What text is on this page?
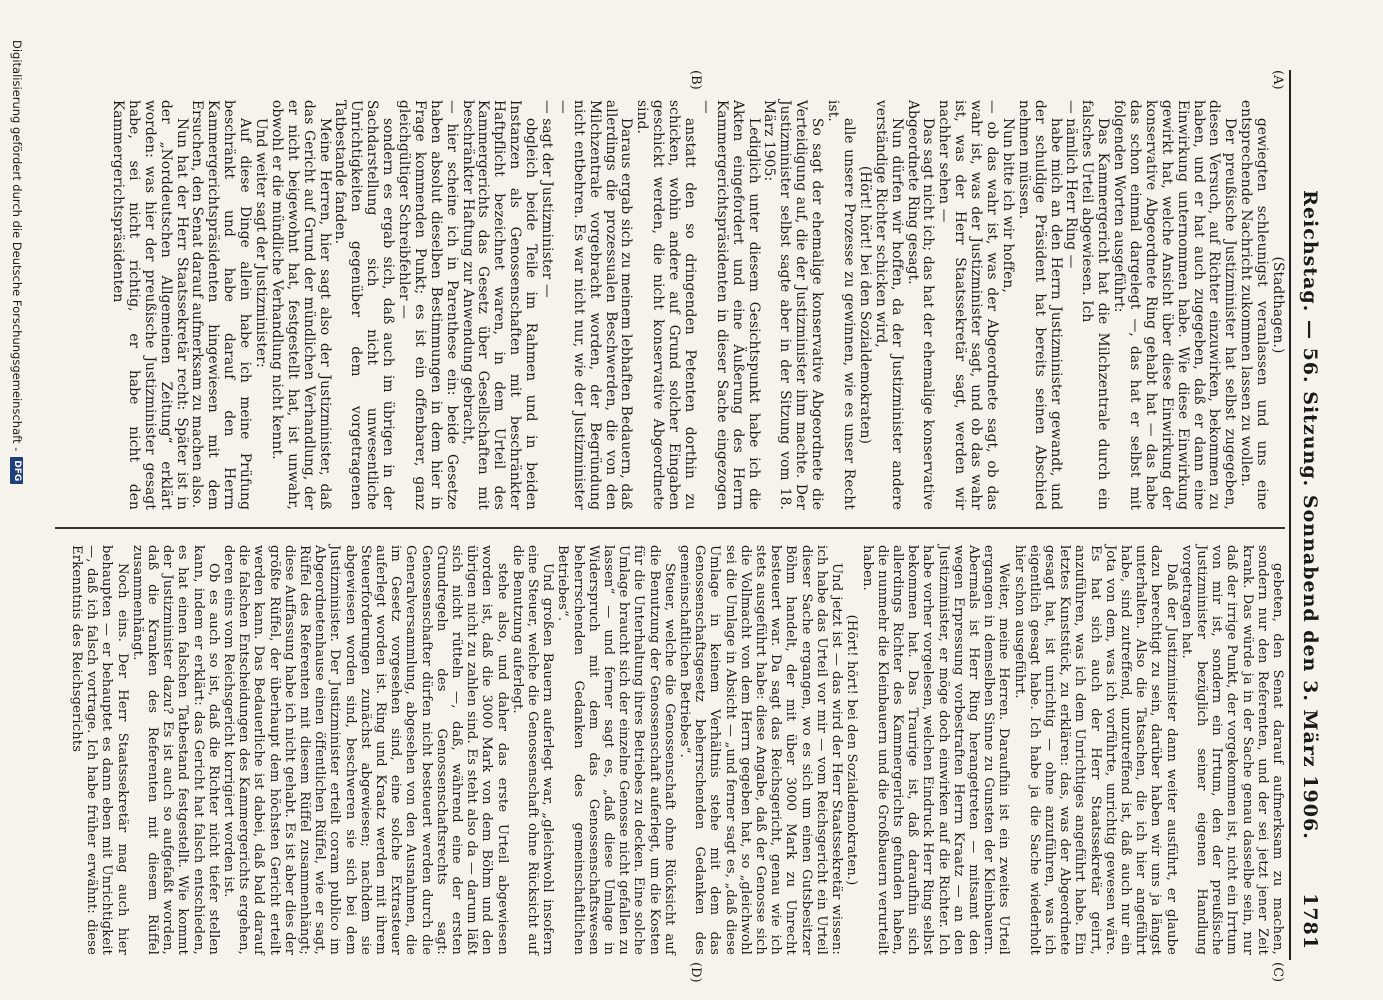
Reichstag. — 56. Sitzung. Sonnabend den 3. März 1906.
1781
(A)
(B)
(C)
(D)

(Stadthagen.)

gewiegten schleunigst veranlassen und uns eine entsprechende Nachricht zukommen lassen zu wollen.

Der preußische Justizminister hat selbst zugegeben, diesen Versuch, auf Richter einzuwirken, bekommen zu haben, und er hat auch zugegeben, daß er dann eine Einwirkung unternommen habe. Wie diese Einwirkung gewirkt hat, welche Ansicht über diese Einwirkung der konservative Abgeordnete Ring gehabt hat — das habe das schon einmal dargelegt —, das hat er selbst mit folgenden Worten ausgeführt:

Das Kammergericht hat die Milchzentrale durch ein falsches Urteil abgewiesen. Ich

— nämlich Herr Ring —

habe mich an den Herrn Justizminister gewandt, und der schuldige Präsident hat bereits seinen Abschied nehmen müssen.

Nun bitte ich wir hoffen,

— ob das wahr ist, was der Abgeordnete sagt, ob das wahr ist, was der Justizminister sagt, und ob das wahr ist, was der Herr Staatssekretär sagt, werden wir nachher sehen —

Das sagt nicht ich; das hat der ehemalige konservative Abgeordnete Ring gesagt.

Nun dürfen wir hoffen, da der Justizminister andere verständige Richter schicken wird,

(Hört! hört! bei den Sozialdemokraten)

alle unsere Prozesse zu gewinnen, wie es unser Recht ist.

So sagt der ehemalige konservative Abgeordnete die Verteidigung auf, die der Justizminister ihm machte. Der Justizminister selbst sagte aber in der Sitzung vom 18. März 1905:

Lediglich unter diesem Gesichtspunkt habe ich die Akten eingefordert und eine Äußerung des Herrn Kammergerichtspräsidenten in dieser Sache eingezogen —

anstatt den so dringenden Petenten dorthin zu schicken, wohin andere auf Grund solcher Eingaben geschickt werden, die nicht konservative Abgeordnete sind.

Daraus ergab sich zu meinem lebhaften Bedauern, daß allerdings die prozessualen Beschwerden, die von den Milchzentrale vorgebracht worden, der Begründung nicht entbehren. Es war nicht nur, wie der Justizminister —

— sagt der Justizminister —

obgleich beide Teile im Rahmen und in beiden Instanzen als Genossenschaften mit beschränkter Haftpflicht bezeichnet waren, in dem Urteil des Kammergerichts das Gesetz über Gesellschaften mit beschränkter Haftung zur Anwendung gebracht,

— hier scheine ich in Parenthese ein: beide Gesetze haben absolut dieselben Bestimmungen in dem hier in Frage kommenden Punkt; es ist ein offenbarer, ganz gleichgültiger Schreibfehler —

sondern es ergab sich, daß auch im übrigen in der Sachdarstellung sich nicht unwesentliche Unrichtigkeiten gegenüber dem vorgetragenen Tatbestande fanden.

Meine Herren, hier sagt also der Justizminister, daß das Gericht auf Grund der mündlichen Verhandlung, der er nicht beigewohnt hat, festgestellt hat, ist unwahr, obwohl er die mündliche Verhandlung nicht kennt.

Und weiter sagt der Justizminister:

Auf diese Dinge allein habe ich meine Prüfung beschränkt und habe darauf den Herrn Kammergerichtspräsidenten hingewiesen mit dem Ersuchen, den Senat darauf aufmerksam zu machen also.

Nun hat der Herr Staatssekretär recht: Später ist in der „Norddeutschen Allgemeinen Zeitung“ erklärt worden: was hier der preußische Justizminister gesagt habe, sei nicht richtig, er habe nicht den Kammergerichtspräsidenten

gebeten, den Senat darauf aufmerksam zu machen, sondern nur den Referenten, und der sei jetzt jener Zeit krank. Das würde ja in der Sache genau dasselbe sein, nur daß der irrige Punkt, der vorgekommen ist, nicht ein Irrtum von mir ist, sondern ein Irrtum, den der preußische Justizminister bezüglich seiner eigenen Handlung vorgetragen hat.

Daß der Justizminister dann weiter ausführt, er glaube dazu berechtigt zu sein, darüber haben wir uns ja längst unterhalten. Also die Tatsachen, die ich hier angeführt habe, sind zutreffend, unzutreffend ist, daß auch nur ein Jota von dem, was ich vorführte, unrichtig gewesen wäre. Es hat sich auch der Herr Staatssekretär geirrt, anzuführen, was ich dem Unrichtiges angeführt habe. Ein letztes Kunststück, zu erklären: das, was der Abgeordnete gesagt hat, ist unrichtig — ohne anzuführen, was ich eigentlich gesagt habe. Ich habe ja die Sache wiederholt hier schon ausgeführt.

Weiter, meine Herren. Daraufhin ist ein zweites Urteil ergangen in demselben Sinne zu Gunsten der Kleinbauern. Abermals ist Herr Ring herangetreten — mitsamt den wegen Erpressung vorbestraften Herrn Kraatz — an den Justizminister, er möge doch einwirken auf die Richter. Ich habe vorher vorgelesen, welchen Eindruck Herr Ring selbst bekommen hat. Das Traurige ist, daß daraufhin sich allerdings Richter des Kammergerichts gefunden haben, die nunmehr die Kleinbauern und die Großbauern verurteilt haben.

(Hört! hört! bei den Sozialdemokraten.)

Und jetzt ist — das wird der Herr Staatssekretär wissen: ich habe das Urteil vor mir — vom Reichsgericht ein Urteil dieser Sache ergangen, wo es sich um einen Gutsbesitzer Böhm handelt, der mit über 3000 Mark zu Unrecht besteuert war. Da sagt das Reichsgericht, genau wie ich stets ausgeführt habe: diese Angabe, daß der Genosse sich die Vollmacht von dem Herrn gegeben hat, so „gleichwohl sei die Umlage in Absicht — „und ferner sagt es, „daß diese Umlage in keinem Verhältnis stehe mit dem das Genossenschaftsgesetz beherrschenden Gedanken des gemeinschaftlichen Betriebes“.

Steuer, welche die Genossenschaft ohne Rücksicht auf die Benutzung der Genossenschaft auferlegt, um die Kosten für die Unterhaltung ihres Betriebes zu decken. Eine solche Umlage braucht sich der einzelne Genosse nicht gefallen zu lassen“ — und ferner sagt es, „daß diese Umlage in Widerspruch mit dem das Genossenschaftswesen beherrschenden Gedanken des gemeinschaftlichen Betriebes“.

Und großen Bauern auferlegt war, „gleichwohl insofern eine Steuer, welche die Genossenschaft ohne Rücksicht auf die Benutzung auferlegt.

stehe also, und daher das erste Urteil abgewiesen worden ist, daß die 3000 Mark von dem Böhm und den übrigen nicht zu zahlen sind. Es steht also da — darum läßt sich nicht rütteln —, daß, während eine der ersten Grundregeln des Genossenschaftsrechts sagt: Genossenschafter dürfen nicht besteuert werden durch die Generalversammlung, abgesehen von den Ausnahmen, die im Gesetz vorgesehen sind, eine solche Extrasteuer auferlegt worden ist. Ring und Kraatz werden mit ihrem Steuerforderungen zunächst abgewiesen; nachdem sie abgewiesen worden sind, beschweren sie sich bei dem Justizminister. Der Justizminister erteilt coram publico im Abgeordnetenhause einen öffentlichen Rüffel, wie er sagt, Rüffel des Referenten mit diesem Rüffel zusammenhängt; diese Auffassung habe ich nicht gehabt. Es ist aber dies der größte Rüffel, der überhaupt dem höchsten Gericht erteilt werden kann. Das Bedauerliche ist dabei, daß bald darauf die falschen Entscheidungen des Kammergerichts ergehen, deren eins vom Reichsgericht korrigiert worden ist.

Ob es auch so ist, daß die Richter nicht tiefer stellen kann, indem er erklärt: das Gericht hat falsch entschieden, es hat einen falschen Tatbestand festgestellt. Wie kommt der Justizminister dazu? Es ist auch so aufgefaßt worden, daß die Kranken des Referenten mit diesem Rüffel zusammenhängt.

Noch eins. Der Herr Staatssekretär mag auch hier behaupten — er behauptet es dann eben mit Unrichtigkeit —, daß ich falsch vortrage. Ich habe früher erwähnt: diese Erkenntnis des Reichsgerichts

Digitalisierung gefördert durch die Deutsche Forschungsgemeinschaft -
DFG
